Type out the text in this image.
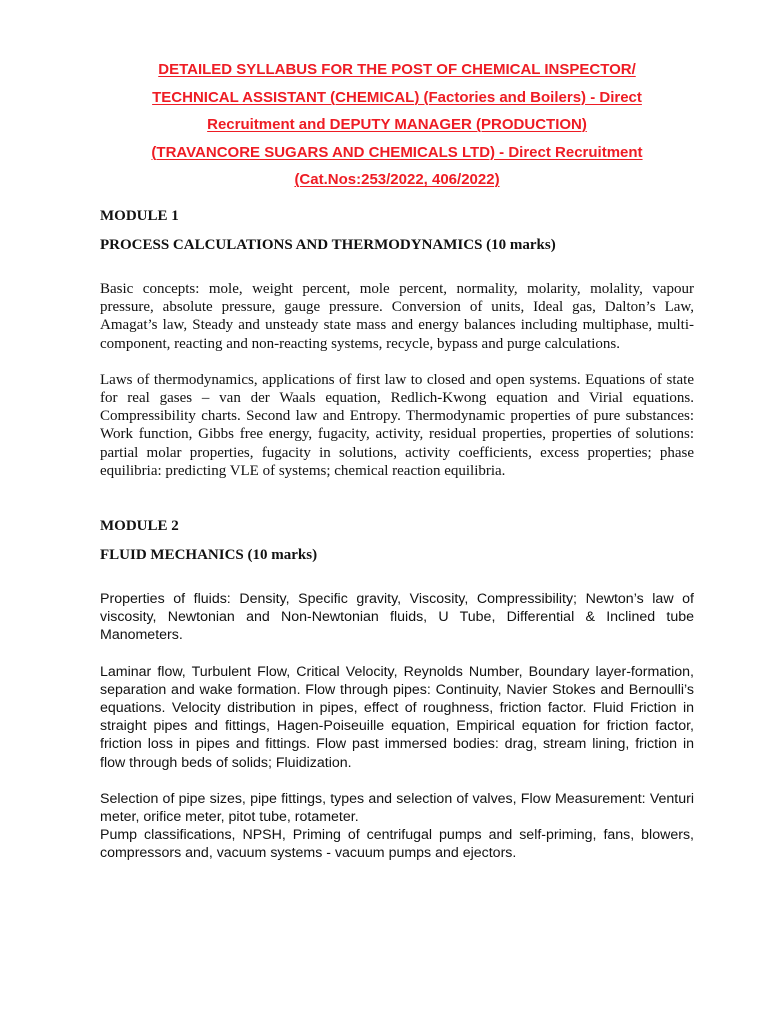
DETAILED SYLLABUS FOR THE POST OF CHEMICAL INSPECTOR/
TECHNICAL ASSISTANT (CHEMICAL) (Factories and Boilers) - Direct
Recruitment and DEPUTY MANAGER (PRODUCTION)
(TRAVANCORE SUGARS AND CHEMICALS LTD) - Direct Recruitment
(Cat.Nos:253/2022, 406/2022)

MODULE 1

PROCESS CALCULATIONS AND THERMODYNAMICS (10 marks)

Basic concepts: mole, weight percent, mole percent, normality, molarity, molality, vapour pressure, absolute pressure, gauge pressure. Conversion of units, Ideal gas, Dalton’s Law, Amagat’s law, Steady and unsteady state mass and energy balances including multiphase, multi-component, reacting and non-reacting systems, recycle, bypass and purge calculations.

Laws of thermodynamics, applications of first law to closed and open systems. Equations of state for real gases – van der Waals equation, Redlich-Kwong equation and Virial equations. Compressibility charts. Second law and Entropy. Thermodynamic properties of pure substances: Work function, Gibbs free energy, fugacity, activity, residual properties, properties of solutions: partial molar properties, fugacity in solutions, activity coefficients, excess properties; phase equilibria: predicting VLE of systems; chemical reaction equilibria.

MODULE 2

FLUID MECHANICS (10 marks)

Properties of fluids: Density, Specific gravity, Viscosity, Compressibility; Newton’s law of viscosity, Newtonian and Non-Newtonian fluids, U Tube, Differential & Inclined tube Manometers.

Laminar flow, Turbulent Flow, Critical Velocity, Reynolds Number, Boundary layer-formation, separation and wake formation. Flow through pipes: Continuity, Navier Stokes and Bernoulli’s equations. Velocity distribution in pipes, effect of roughness, friction factor. Fluid Friction in straight pipes and fittings, Hagen-Poiseuille equation, Empirical equation for friction factor, friction loss in pipes and fittings. Flow past immersed bodies: drag, stream lining, friction in flow through beds of solids; Fluidization.

Selection of pipe sizes, pipe fittings, types and selection of valves, Flow Measurement: Venturi meter, orifice meter, pitot tube, rotameter.

Pump classifications, NPSH, Priming of centrifugal pumps and self-priming, fans, blowers, compressors and, vacuum systems - vacuum pumps and ejectors.
